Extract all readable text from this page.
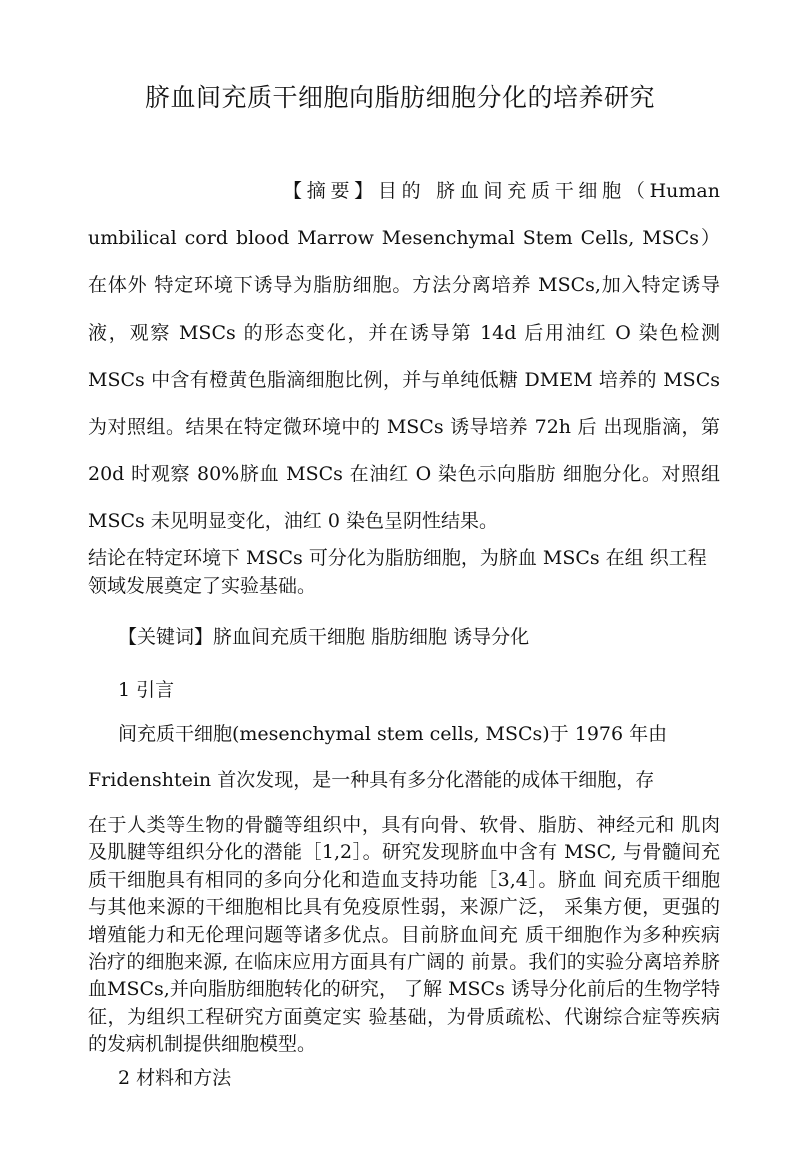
脐血间充质干细胞向脂肪细胞分化的培养研究

【摘要】目的 脐血间充质干细胞（Human umbilical cord blood Marrow Mesenchymal Stem Cells, MSCs）在体外 特定环境下诱导为脂肪细胞。方法分离培养 MSCs,加入特定诱导 液，观察 MSCs 的形态变化，并在诱导第 14d 后用油红 O 染色检测 MSCs 中含有橙黄色脂滴细胞比例，并与单纯低糖 DMEM 培养的 MSCs 为对照组。结果在特定微环境中的 MSCs 诱导培养 72h 后 出现脂滴，第 20d 时观察 80%脐血 MSCs 在油红 O 染色示向脂肪 细胞分化。对照组 MSCs 未见明显变化，油红 0 染色呈阴性结果。

结论在特定环境下 MSCs 可分化为脂肪细胞，为脐血 MSCs 在组 织工程领域发展奠定了实验基础。

【关键词】脐血间充质干细胞 脂肪细胞 诱导分化

1 引言

间充质干细胞(mesenchymal stem cells, MSCs)于 1976 年由

Fridenshtein 首次发现，是一种具有多分化潜能的成体干细胞，存

在于人类等生物的骨髓等组织中，具有向骨、软骨、脂肪、神经元和 肌肉及肌腱等组织分化的潜能［1,2］。研究发现脐血中含有 MSC, 与骨髓间充质干细胞具有相同的多向分化和造血支持功能［3,4］。脐血 间充质干细胞与其他来源的干细胞相比具有免疫原性弱，来源广泛， 采集方便，更强的增殖能力和无伦理问题等诸多优点。目前脐血间充 质干细胞作为多种疾病治疗的细胞来源, 在临床应用方面具有广阔的 前景。我们的实验分离培养脐血MSCs,并向脂肪细胞转化的研究， 了解 MSCs 诱导分化前后的生物学特征，为组织工程研究方面奠定实 验基础，为骨质疏松、代谢综合症等疾病的发病机制提供细胞模型。

2 材料和方法
